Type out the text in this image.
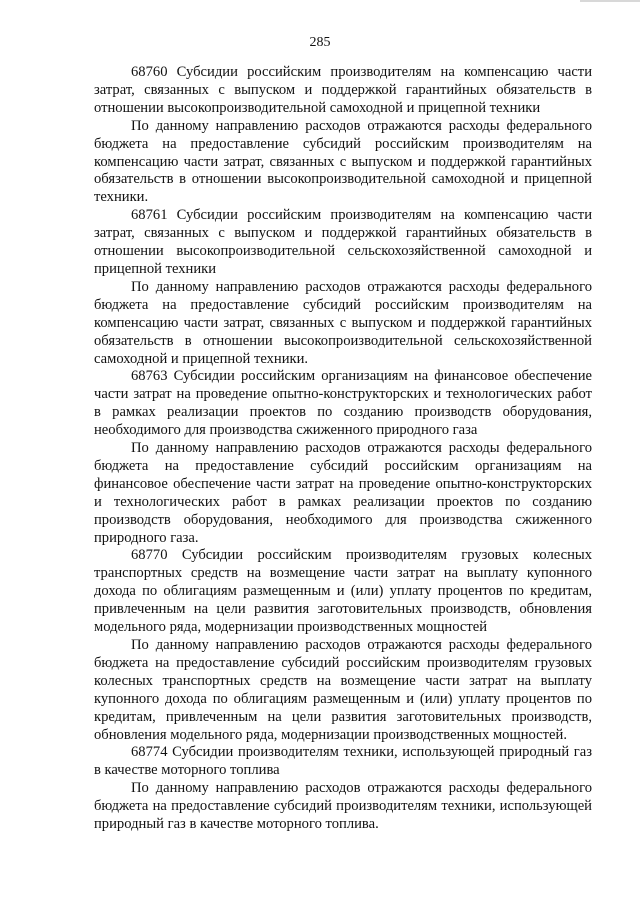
285

68760 Субсидии российским производителям на компенсацию части затрат, связанных с выпуском и поддержкой гарантийных обязательств в отношении высокопроизводительной самоходной и прицепной техники

По данному направлению расходов отражаются расходы федерального бюджета на предоставление субсидий российским производителям на компенсацию части затрат, связанных с выпуском и поддержкой гарантийных обязательств в отношении высокопроизводительной самоходной и прицепной техники.

68761 Субсидии российским производителям на компенсацию части затрат, связанных с выпуском и поддержкой гарантийных обязательств в отношении высокопроизводительной сельскохозяйственной самоходной и прицепной техники

По данному направлению расходов отражаются расходы федерального бюджета на предоставление субсидий российским производителям на компенсацию части затрат, связанных с выпуском и поддержкой гарантийных обязательств в отношении высокопроизводительной сельскохозяйственной самоходной и прицепной техники.

68763 Субсидии российским организациям на финансовое обеспечение части затрат на проведение опытно-конструкторских и технологических работ в рамках реализации проектов по созданию производств оборудования, необходимого для производства сжиженного природного газа

По данному направлению расходов отражаются расходы федерального бюджета на предоставление субсидий российским организациям на финансовое обеспечение части затрат на проведение опытно-конструкторских и технологических работ в рамках реализации проектов по созданию производств оборудования, необходимого для производства сжиженного природного газа.

68770 Субсидии российским производителям грузовых колесных транспортных средств на возмещение части затрат на выплату купонного дохода по облигациям размещенным и (или) уплату процентов по кредитам, привлеченным на цели развития заготовительных производств, обновления модельного ряда, модернизации производственных мощностей

По данному направлению расходов отражаются расходы федерального бюджета на предоставление субсидий российским производителям грузовых колесных транспортных средств на возмещение части затрат на выплату купонного дохода по облигациям размещенным и (или) уплату процентов по кредитам, привлеченным на цели развития заготовительных производств, обновления модельного ряда, модернизации производственных мощностей.

68774 Субсидии производителям техники, использующей природный газ в качестве моторного топлива

По данному направлению расходов отражаются расходы федерального бюджета на предоставление субсидий производителям техники, использующей природный газ в качестве моторного топлива.
